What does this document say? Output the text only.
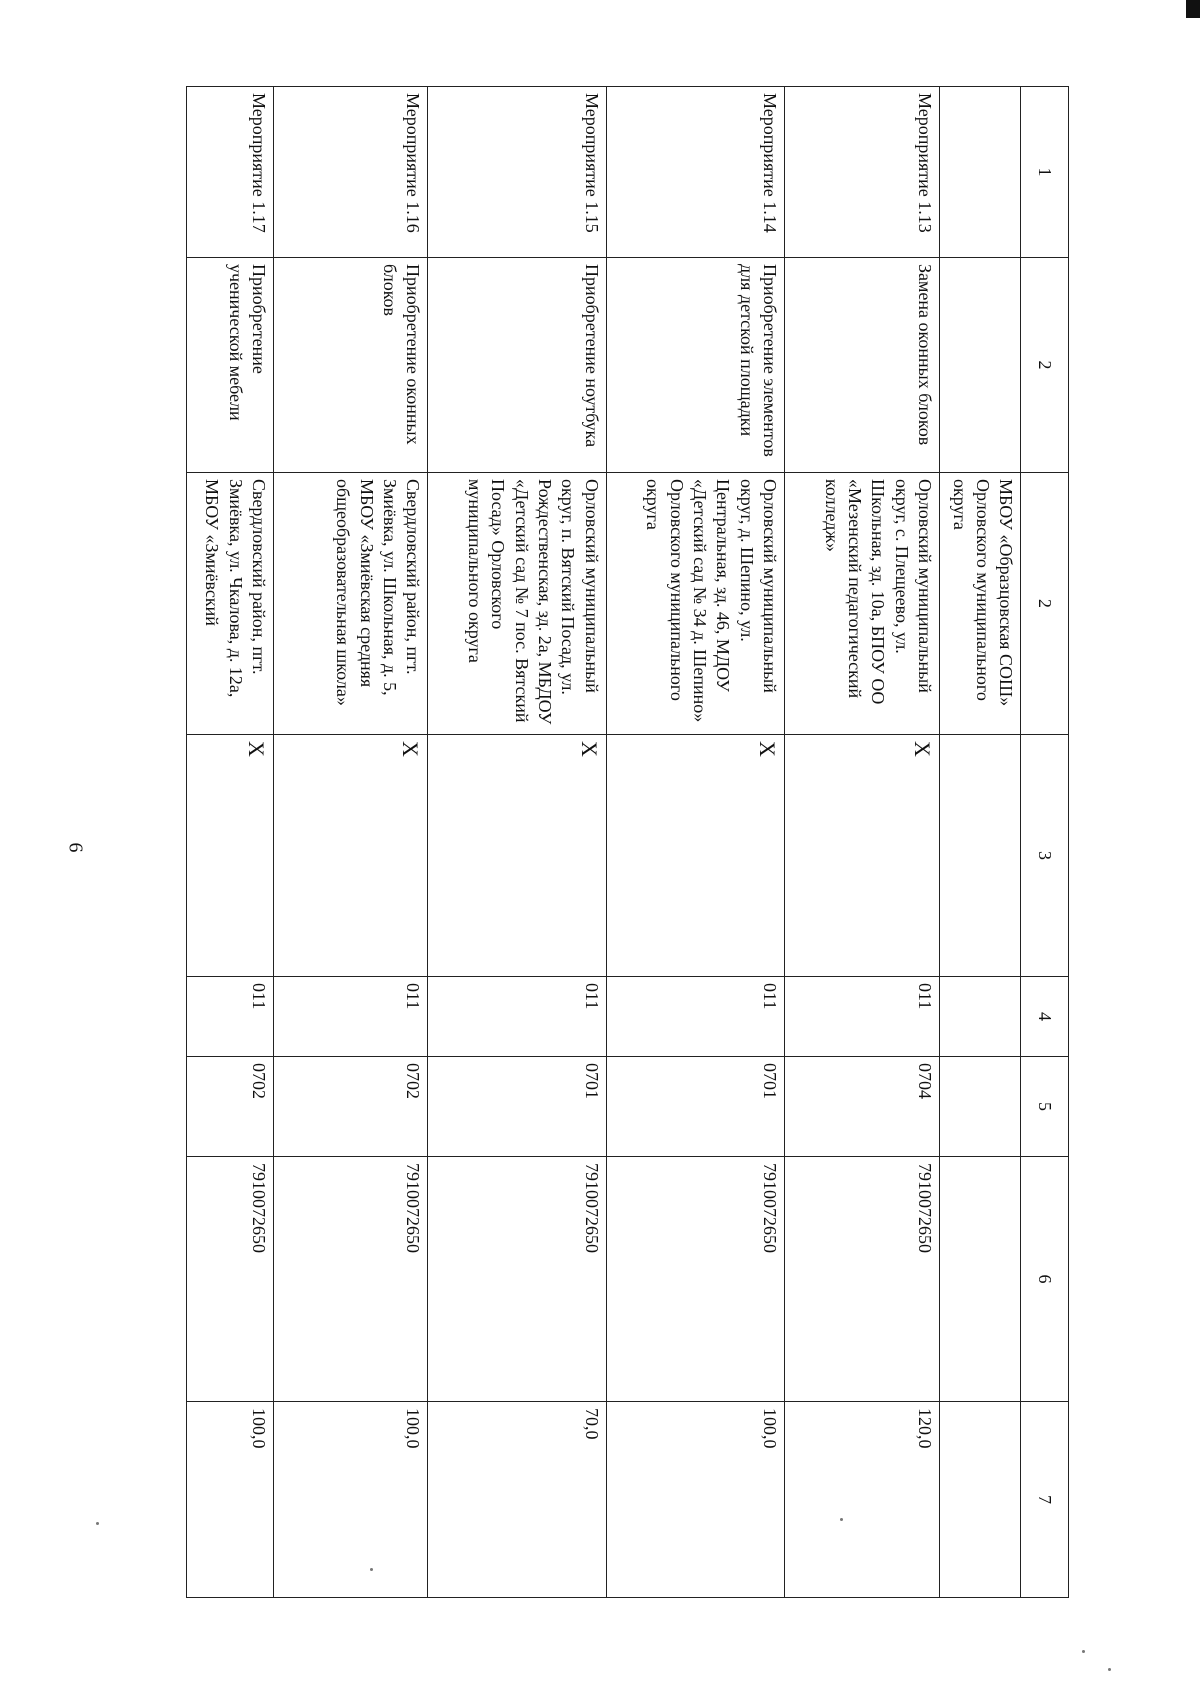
6
1	2	2	3	4	5	6	7
		МБОУ «Образцовская СОШ» Орловского муниципального округа					
Мероприятие 1.13	Замена оконных блоков	Орловский муниципальный округ, с. Плещеево, ул. Школьная, зд. 10а, БПОУ ОО «Мезенский педагогический колледж»	X	011	0704	7910072650	120,0
Мероприятие 1.14	Приобретение элементов для детской площадки	Орловский муниципальный округ, д. Шепино, ул. Центральная, зд. 46, МДОУ «Детский сад № 34 д. Шепино» Орловского муниципального округа	X	011	0701	7910072650	100,0
Мероприятие 1.15	Приобретение ноутбука	Орловский муниципальный округ, п. Вятский Посад, ул. Рождественская, зд. 2а, МБДОУ «Детский сад № 7 пос. Вятский Посад» Орловского муниципального округа	X	011	0701	7910072650	70,0
Мероприятие 1.16	Приобретение оконных блоков	Свердловский район, пгт. Змиёвка, ул. Школьная, д. 5, МБОУ «Змиёвская средняя общеобразовательная школа»	X	011	0702	7910072650	100,0
Мероприятие 1.17	Приобретение ученической мебели	Свердловский район, пгт. Змиёвка, ул. Чкалова, д. 12а, МБОУ «Змиёвский	X	011	0702	7910072650	100,0
